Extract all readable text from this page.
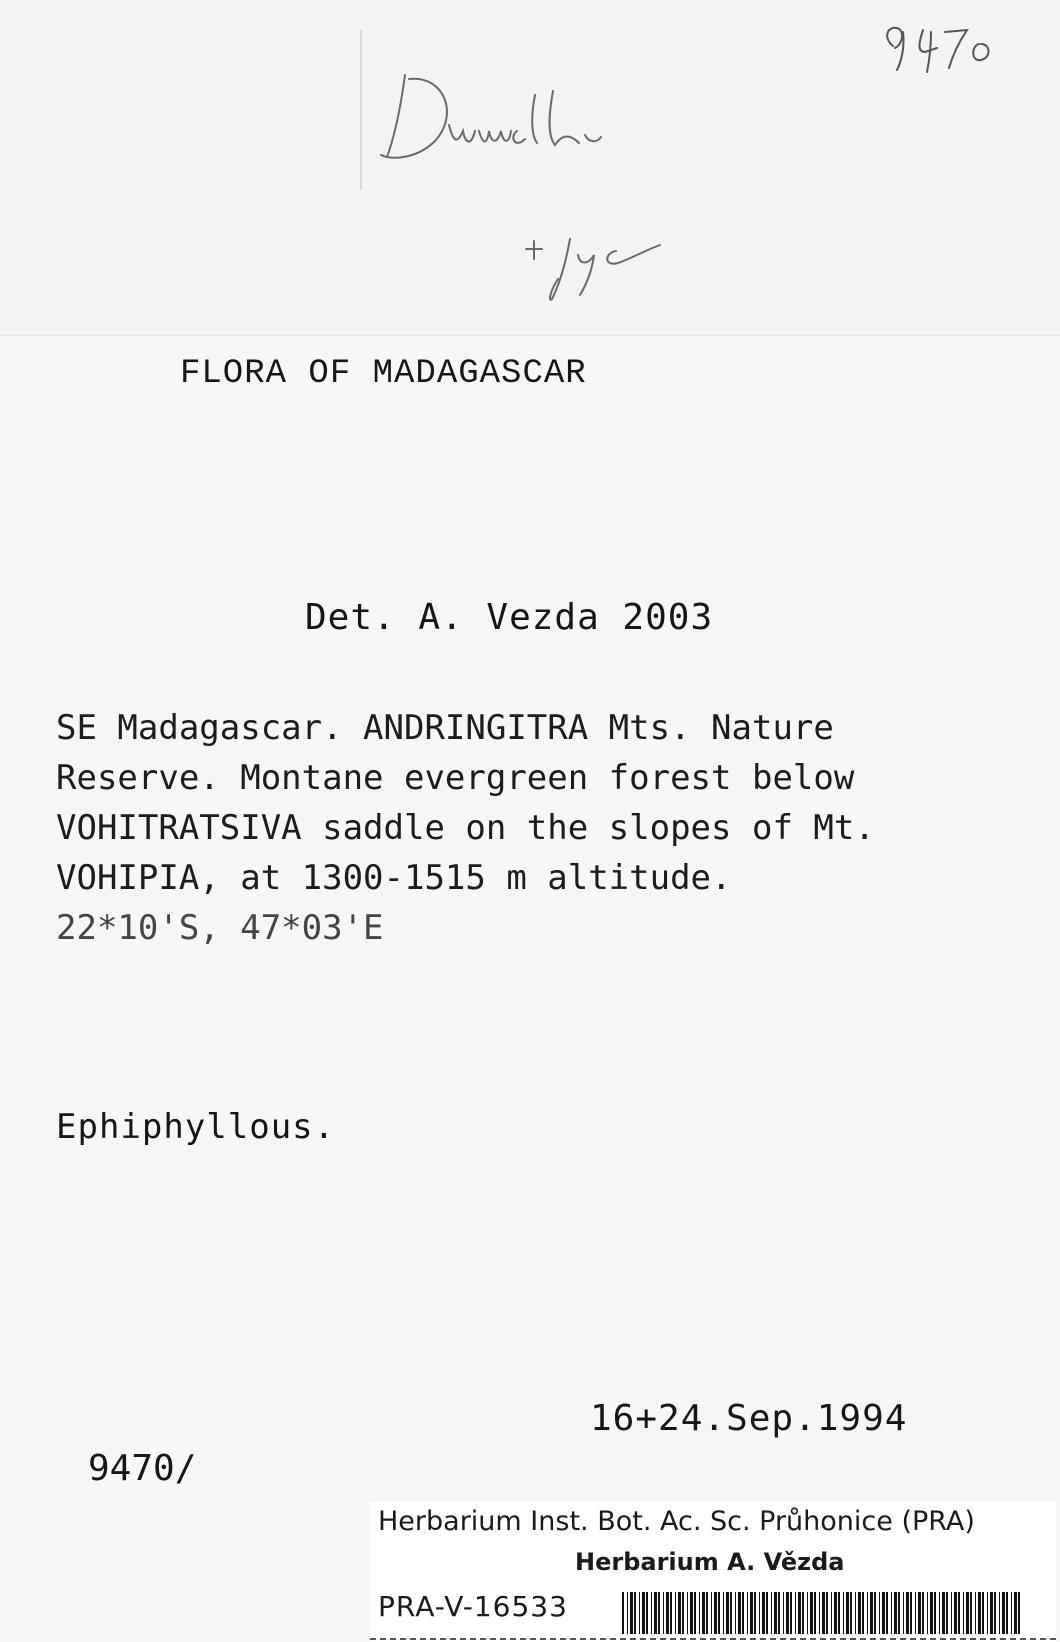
FLORA OF MADAGASCAR
Det. A. Vezda 2003
SE Madagascar. ANDRINGITRA Mts. Nature
Reserve. Montane evergreen forest below
VOHITRATSIVA saddle on the slopes of Mt.
VOHIPIA, at 1300-1515 m altitude.
22*10'S, 47*03'E
Ephiphyllous.
16+24.Sep.1994
9470/
Herbarium Inst. Bot. Ac. Sc. Průhonice (PRA)
Herbarium A. Vězda
PRA-V-16533
